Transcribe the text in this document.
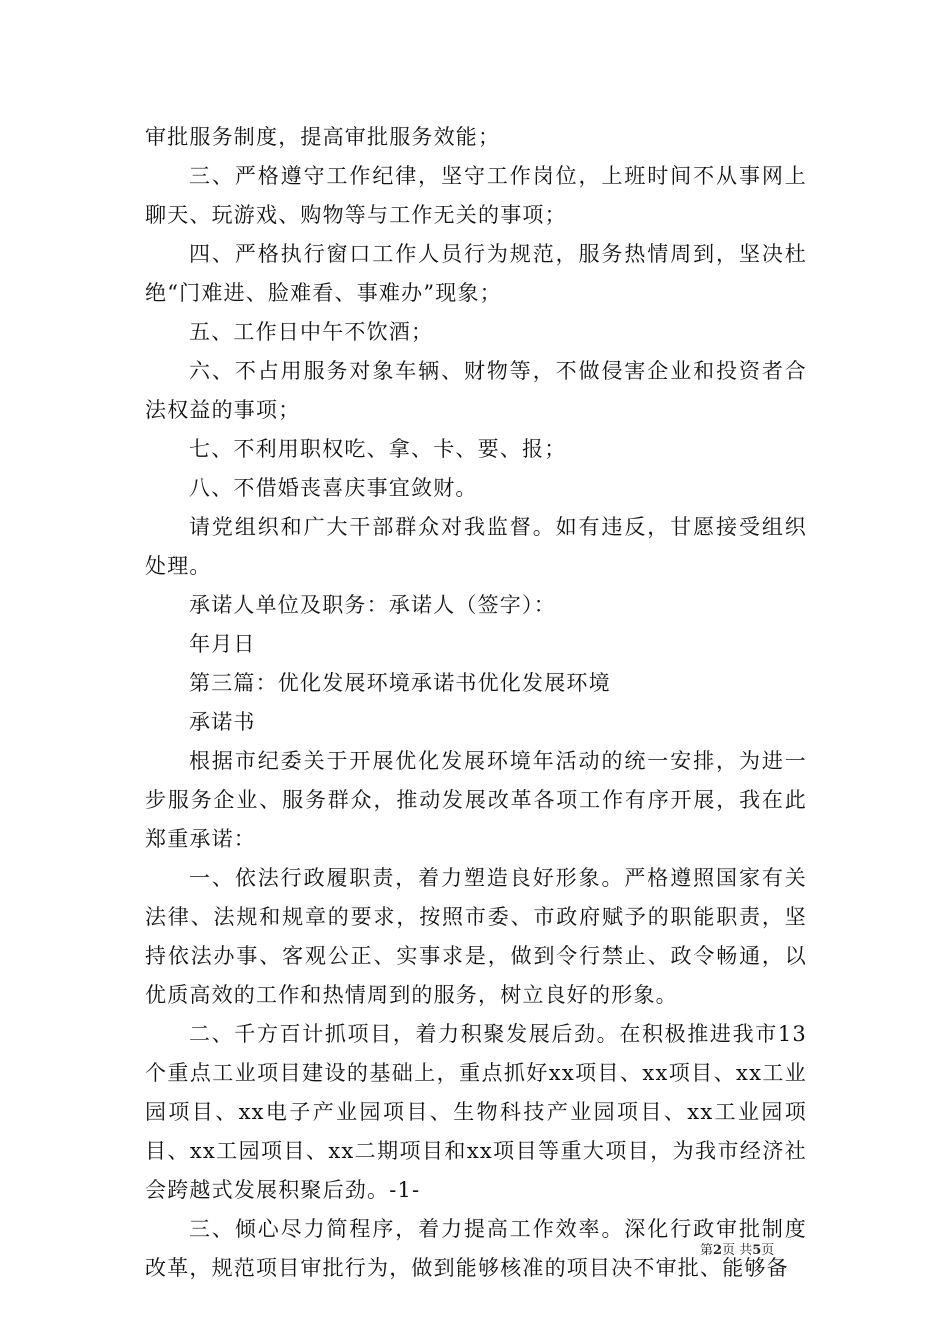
审批服务制度，提高审批服务效能；

三、严格遵守工作纪律，坚守工作岗位，上班时间不从事网上聊天、玩游戏、购物等与工作无关的事项；

四、严格执行窗口工作人员行为规范，服务热情周到，坚决杜绝“门难进、脸难看、事难办”现象；

五、工作日中午不饮酒；

六、不占用服务对象车辆、财物等，不做侵害企业和投资者合法权益的事项；

七、不利用职权吃、拿、卡、要、报；

八、不借婚丧喜庆事宜敛财。

请党组织和广大干部群众对我监督。如有违反，甘愿接受组织处理。

承诺人单位及职务：承诺人（签字）：

年月日

第三篇：优化发展环境承诺书优化发展环境

承诺书

根据市纪委关于开展优化发展环境年活动的统一安排，为进一步服务企业、服务群众，推动发展改革各项工作有序开展，我在此郑重承诺：

一、依法行政履职责，着力塑造良好形象。严格遵照国家有关法律、法规和规章的要求，按照市委、市政府赋予的职能职责，坚持依法办事、客观公正、实事求是，做到令行禁止、政令畅通，以优质高效的工作和热情周到的服务，树立良好的形象。

二、千方百计抓项目，着力积聚发展后劲。在积极推进我市13个重点工业项目建设的基础上，重点抓好xx项目、xx项目、xx工业园项目、xx电子产业园项目、生物科技产业园项目、xx工业园项目、xx工园项目、xx二期项目和xx项目等重大项目，为我市经济社会跨越式发展积聚后劲。-1-

三、倾心尽力简程序，着力提高工作效率。深化行政审批制度改革，规范项目审批行为，做到能够核准的项目决不审批、能够备

第2页 共5页
